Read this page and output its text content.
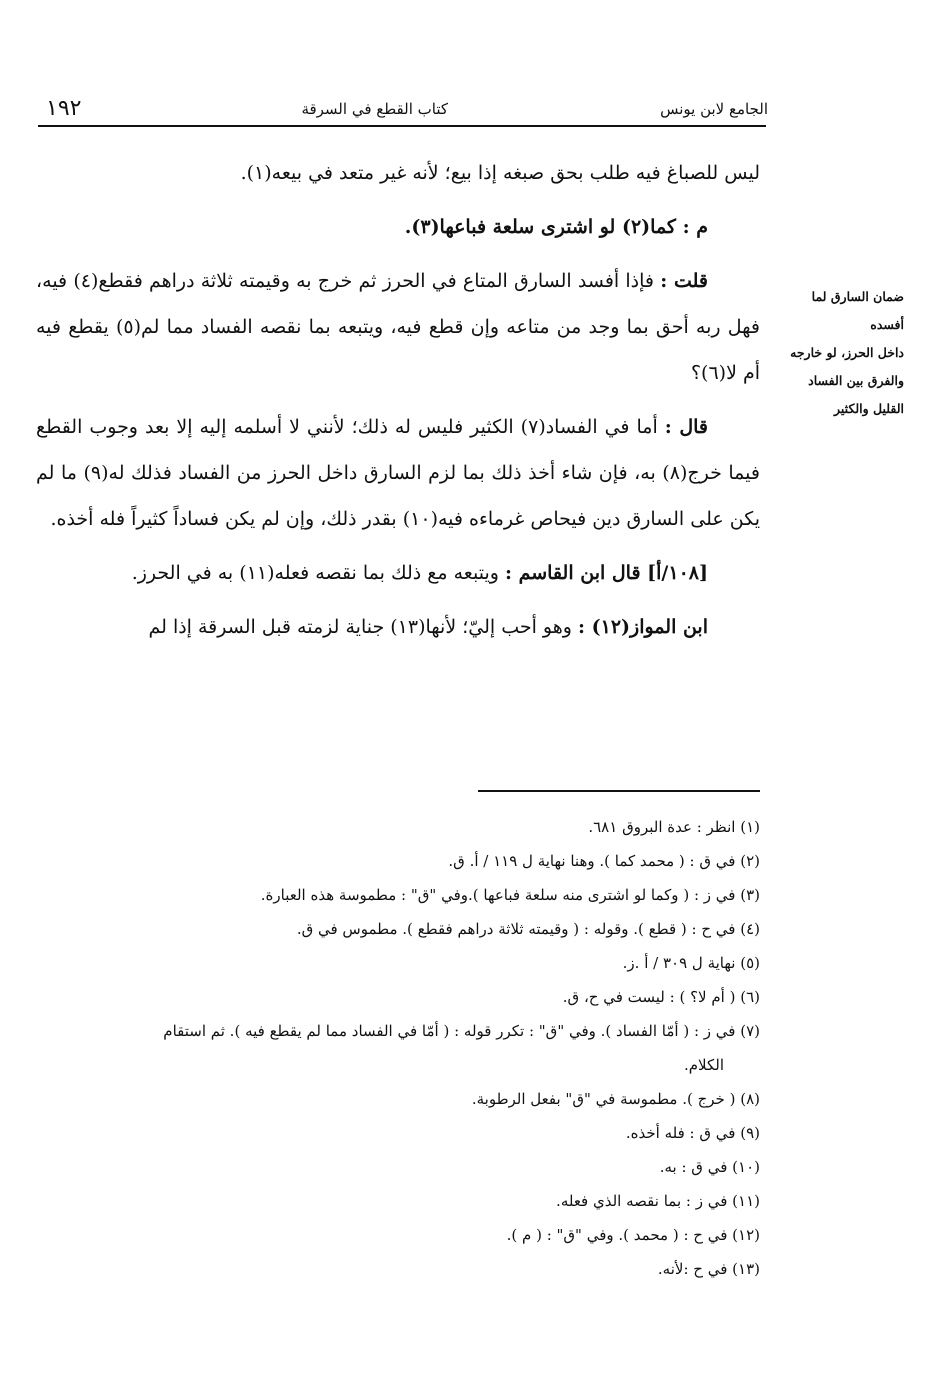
الجامع لابن يونس
كتاب القطع في السرقة
١٩٢
ضمان السارق لما أفسده
داخل الحرز، لو خارجه
والفرق بين الفساد
القليل والكثير

ليس للصباغ فيه طلب بحق صبغه إذا بيع؛ لأنه غير متعد في بيعه(١).

م : كما(٢) لو اشترى سلعة فباعها(٣).

قلت : فإذا أفسد السارق المتاع في الحرز ثم خرج به وقيمته ثلاثة دراهم فقطع(٤) فيه، فهل ربه أحق بما وجد من متاعه وإن قطع فيه، ويتبعه بما نقصه الفساد مما لم(٥) يقطع فيه أم لا(٦)؟

قال : أما في الفساد(٧) الكثير فليس له ذلك؛ لأنني لا أسلمه إليه إلا بعد وجوب القطع فيما خرج(٨) به، فإن شاء أخذ ذلك بما لزم السارق داخل الحرز من الفساد فذلك له(٩) ما لم يكن على السارق دين فيحاص غرماءه فيه(١٠) بقدر ذلك، وإن لم يكن فساداً كثيراً فله أخذه.

[١٠٨/أ] قال ابن القاسم : ويتبعه مع ذلك بما نقصه فعله(١١) به في الحرز.

ابن المواز(١٢) : وهو أحب إليّ؛ لأنها(١٣) جناية لزمته قبل السرقة إذا لم

(١) انظر : عدة البروق ٦٨١.

(٢) في ق : ( محمد كما ). وهنا نهاية ل ١١٩ / أ. ق.

(٣) في ز : ( وكما لو اشترى منه سلعة فباعها ).وفي "ق" : مطموسة هذه العبارة.

(٤) في ح : ( قطع ). وقوله : ( وقيمته ثلاثة دراهم فقطع ). مطموس في ق.

(٥) نهاية ل ٣٠٩ / أ .ز.

(٦) ( أم لا؟ ) : ليست في ح، ق.

(٧) في ز : ( أمّا الفساد ). وفي "ق" : تكرر قوله : ( أمّا في الفساد مما لم يقطع فيه ). ثم استقام

الكلام.

(٨) ( خرج ). مطموسة في "ق" بفعل الرطوبة.

(٩) في ق : فله أخذه.

(١٠) في ق : به.

(١١) في ز : بما نقصه الذي فعله.

(١٢) في ح : ( محمد ). وفي "ق" : ( م ).

(١٣) في ح :لأنه.
